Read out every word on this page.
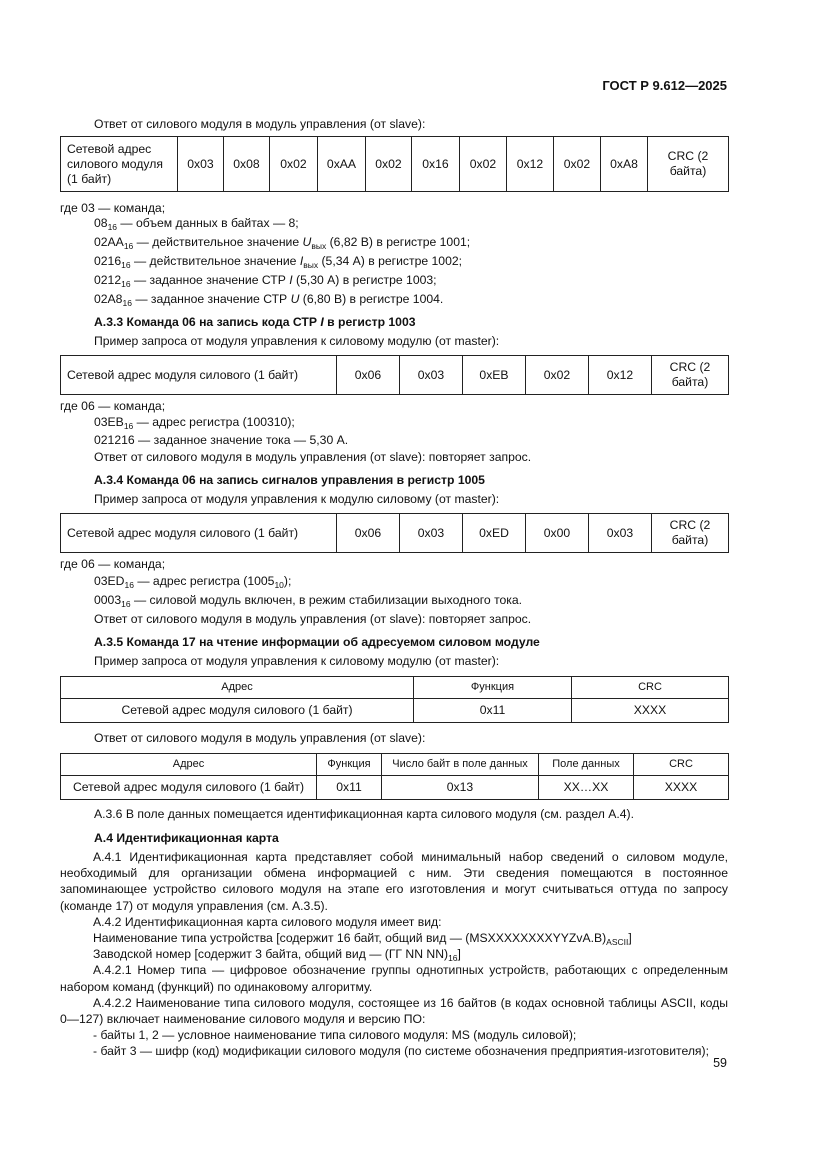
ГОСТ Р 9.612—2025
Ответ от силового модуля в модуль управления (от slave):
Сетевой адрес силового модуля (1 байт)	0x03	0x08	0x02	0xAA	0x02	0x16	0x02	0x12	0x02	0xA8	CRC (2 байта)
где 03 — команда;
$08_{16}$ — объем данных в байтах — 8;
$02AA_{16}$ — действительное значение $U_{вых}$ (6,82 В) в регистре 1001;
$0216_{16}$ — действительное значение $I_{вых}$ (5,34 А) в регистре 1002;
$0212_{16}$ — заданное значение СТР I (5,30 А) в регистре 1003;
$02A8_{16}$ — заданное значение СТР U (6,80 В) в регистре 1004.
А.3.3 Команда 06 на запись кода СТР I в регистр 1003
Пример запроса от модуля управления к силовому модулю (от master):
Сетевой адрес модуля силового (1 байт)	0x06	0x03	0xEB	0x02	0x12	CRC (2 байта)
где 06 — команда;
$03EB_{16}$ — адрес регистра (100310);
021216 — заданное значение тока — 5,30 А.
Ответ от силового модуля в модуль управления (от slave): повторяет запрос.
А.3.4 Команда 06 на запись сигналов управления в регистр 1005
Пример запроса от модуля управления к модулю силовому (от master):
Сетевой адрес модуля силового (1 байт)	0x06	0x03	0xED	0x00	0x03	CRC (2 байта)
где 06 — команда;
$03ED_{16}$ — адрес регистра $(1005_{10})$;
$0003_{16}$ — силовой модуль включен, в режим стабилизации выходного тока.
Ответ от силового модуля в модуль управления (от slave): повторяет запрос.
А.3.5 Команда 17 на чтение информации об адресуемом силовом модуле
Пример запроса от модуля управления к силовому модулю (от master):
Адрес	Функция	CRC
Сетевой адрес модуля силового (1 байт)	0x11	XXXX
Ответ от силового модуля в модуль управления (от slave):
Адрес	Функция	Число байт в поле данных	Поле данных	CRC
Сетевой адрес модуля силового (1 байт)	0x11	0x13	XX…XX	XXXX
А.3.6 В поле данных помещается идентификационная карта силового модуля (см. раздел А.4).
А.4 Идентификационная карта

А.4.1 Идентификационная карта представляет собой минимальный набор сведений о силовом модуле, необходимый для организации обмена информацией с ним. Эти сведения помещаются в постоянное запоминающее устройство силового модуля на этапе его изготовления и могут считываться оттуда по запросу (команде 17) от модуля управления (см. А.3.5).

А.4.2 Идентификационная карта силового модуля имеет вид:

Наименование типа устройства [содержит 16 байт, общий вид — $(MSXXXXXXXXYYZvA.B)_{ASCII}$]

Заводской номер [содержит 3 байта, общий вид — (ГГ NN $NN)_{16}$]

А.4.2.1 Номер типа — цифровое обозначение группы однотипных устройств, работающих с определенным набором команд (функций) по одинаковому алгоритму.

А.4.2.2 Наименование типа силового модуля, состоящее из 16 байтов (в кодах основной таблицы ASCII, коды 0—127) включает наименование силового модуля и версию ПО:

- байты 1, 2 — условное наименование типа силового модуля: MS (модуль силовой);

- байт 3 — шифр (код) модификации силового модуля (по системе обозначения предприятия-изготовителя);

59
